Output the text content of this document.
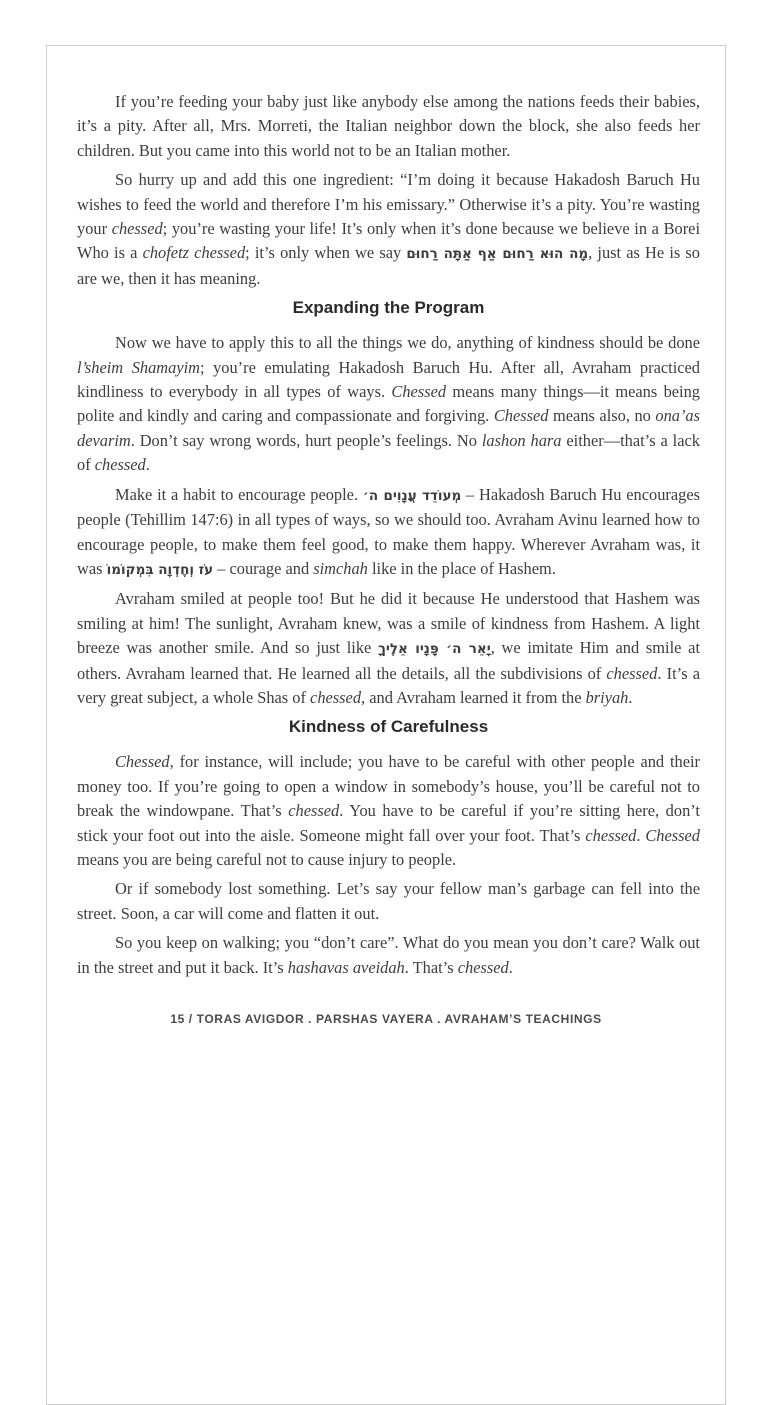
If you’re feeding your baby just like anybody else among the nations feeds their babies, it’s a pity. After all, Mrs. Morreti, the Italian neighbor down the block, she also feeds her children. But you came into this world not to be an Italian mother.

So hurry up and add this one ingredient: “I’m doing it because Hakadosh Baruch Hu wishes to feed the world and therefore I’m his emissary.” Otherwise it’s a pity. You’re wasting your chessed; you’re wasting your life! It’s only when it’s done because we believe in a Borei Who is a chofetz chessed; it’s only when we say מָה הוּא רַחוּם אַף אַתָּה רַחוּם, just as He is so are we, then it has meaning.

Expanding the Program

Now we have to apply this to all the things we do, anything of kindness should be done l’sheim Shamayim; you’re emulating Hakadosh Baruch Hu. After all, Avraham practiced kindliness to everybody in all types of ways. Chessed means many things—it means being polite and kindly and caring and compassionate and forgiving. Chessed means also, no ona’as devarim. Don’t say wrong words, hurt people’s feelings. No lashon hara either—that’s a lack of chessed.

Make it a habit to encourage people. מְעוֹדֵד עֲנָוִים ה׳ – Hakadosh Baruch Hu encourages people (Tehillim 147:6) in all types of ways, so we should too. Avraham Avinu learned how to encourage people, to make them feel good, to make them happy. Wherever Avraham was, it was עֹז וְחֶדְוָה בִּמְקוֹמוֹ – courage and simchah like in the place of Hashem.

Avraham smiled at people too! But he did it because He understood that Hashem was smiling at him! The sunlight, Avraham knew, was a smile of kindness from Hashem. A light breeze was another smile. And so just like יָאֵר ה׳ פָּנָיו אֵלֶיךָ, we imitate Him and smile at others. Avraham learned that. He learned all the details, all the subdivisions of chessed. It’s a very great subject, a whole Shas of chessed, and Avraham learned it from the briyah.

Kindness of Carefulness

Chessed, for instance, will include; you have to be careful with other people and their money too. If you’re going to open a window in somebody’s house, you’ll be careful not to break the windowpane. That’s chessed. You have to be careful if you’re sitting here, don’t stick your foot out into the aisle. Someone might fall over your foot. That’s chessed. Chessed means you are being careful not to cause injury to people.

Or if somebody lost something. Let’s say your fellow man’s garbage can fell into the street. Soon, a car will come and flatten it out.

So you keep on walking; you “don’t care”. What do you mean you don’t care? Walk out in the street and put it back. It’s hashavas aveidah. That’s chessed.

15 / TORAS AVIGDOR . PARSHAS VAYERA . AVRAHAM’S TEACHINGS
